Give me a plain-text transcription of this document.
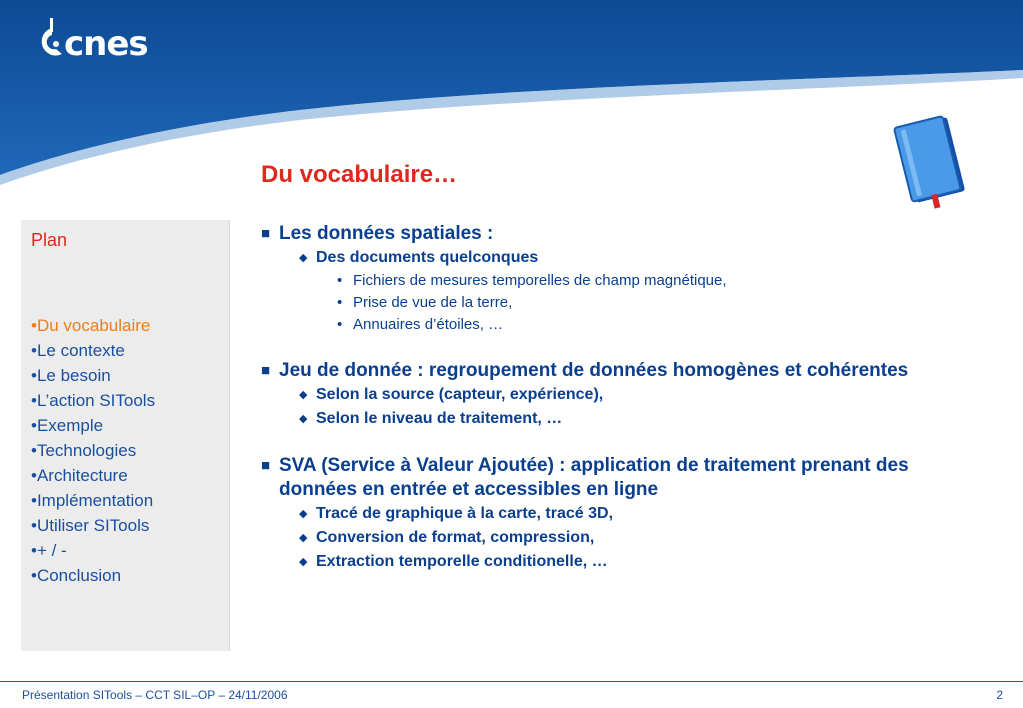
cnes
Du vocabulaire…
Plan
•Du vocabulaire
•Le contexte
•Le besoin
•L’action SITools
•Exemple
•Technologies
•Architecture
•Implémentation
•Utiliser SITools
•+ / -
•Conclusion
■ Les données spatiales :
◆ Des documents quelconques
• Fichiers de mesures temporelles de champ magnétique,
• Prise de vue de la terre,
• Annuaires d’étoiles, …
■ Jeu de donnée : regroupement de données homogènes et cohérentes
◆ Selon la source (capteur, expérience),
◆ Selon le niveau de traitement, …
■ SVA (Service à Valeur Ajoutée) : application de traitement prenant des données en entrée et accessibles en ligne
◆ Tracé de graphique à la carte, tracé 3D,
◆ Conversion de format, compression,
◆ Extraction temporelle conditionelle, …
Présentation SITools – CCT SIL–OP – 24/11/2006	2
